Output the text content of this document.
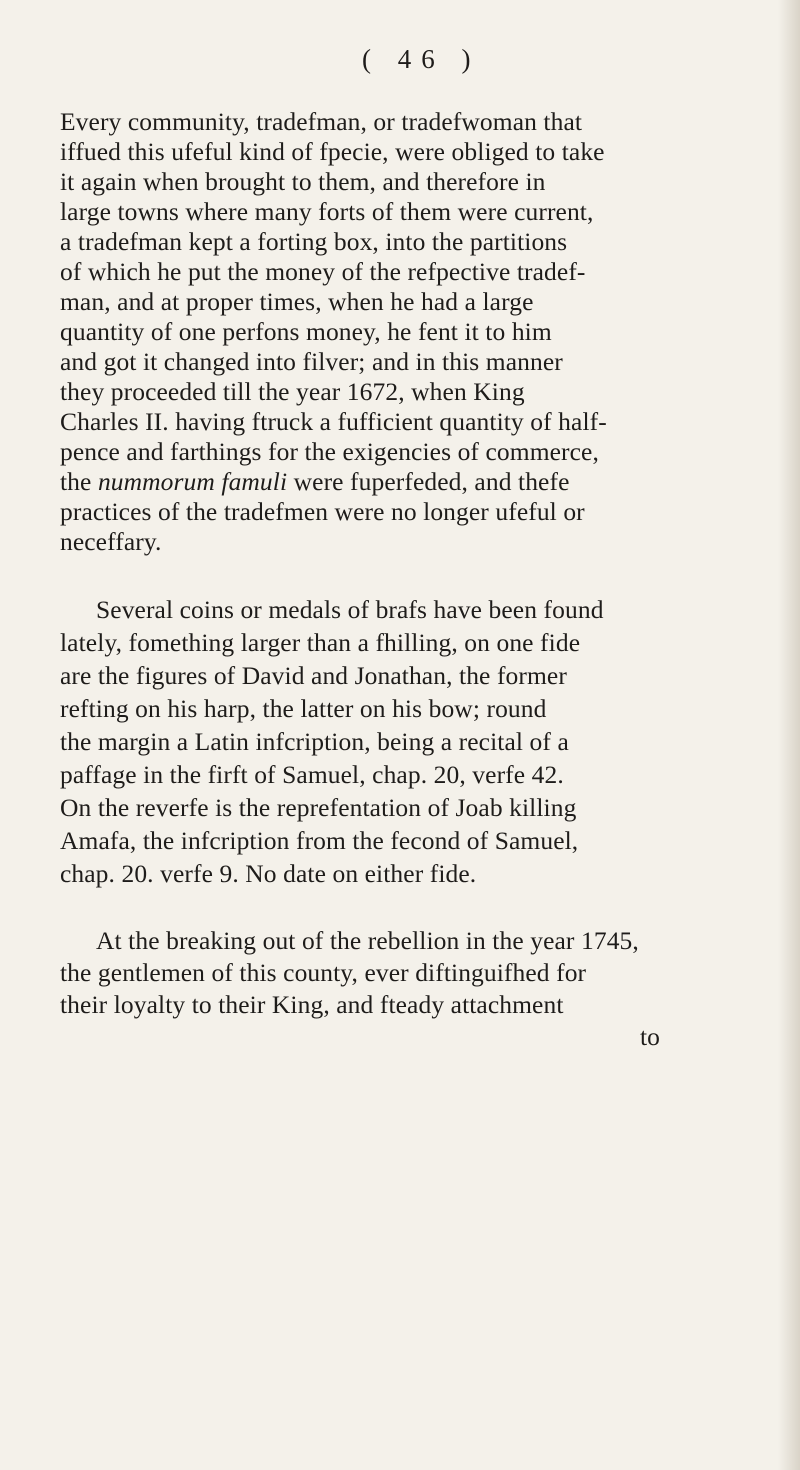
( 46 )
Every community, tradefman, or tradefwoman that
iffued this ufeful kind of fpecie, were obliged to take
it again when brought to them, and therefore in
large towns where many forts of them were current,
a tradefman kept a forting box, into the partitions
of which he put the money of the refpective tradef-
man, and at proper times, when he had a large
quantity of one perfons money, he fent it to him
and got it changed into filver; and in this manner
they proceeded till the year 1672, when King
Charles II. having ftruck a fufficient quantity of half-
pence and farthings for the exigencies of commerce,
the nummorum famuli were fuperfeded, and thefe
practices of the tradefmen were no longer ufeful or
neceffary.
Several coins or medals of brafs have been found
lately, fomething larger than a fhilling, on one fide
are the figures of David and Jonathan, the former
refting on his harp, the latter on his bow; round
the margin a Latin infcription, being a recital of a
paffage in the firft of Samuel, chap. 20, verfe 42.
On the reverfe is the reprefentation of Joab killing
Amafa, the infcription from the fecond of Samuel,
chap. 20. verfe 9. No date on either fide.
At the breaking out of the rebellion in the year 1745,
the gentlemen of this county, ever diftinguifhed for
their loyalty to their King, and fteady attachment
to
